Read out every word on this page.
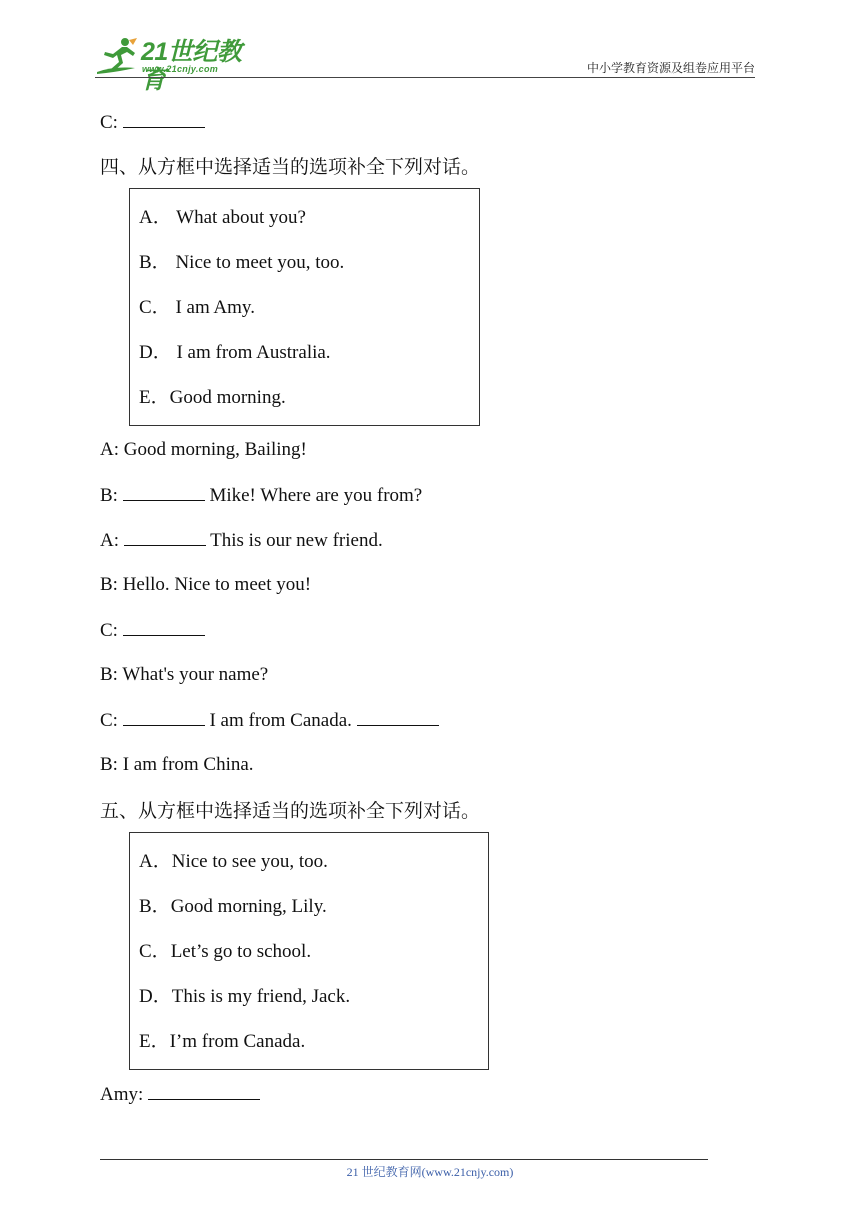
21世纪教育
www.21cnjy.com	中小学教育资源及组卷应用平台
C:
四、从方框中选择适当的选项补全下列对话。
A． What about you?
B． Nice to meet you, too.
C． I am Amy.
D． I am from Australia.
E．Good morning.
A: Good morning, Bailing!
B:	Mike! Where are you from?
A:	This is our new friend.
B: Hello. Nice to meet you!
C:
B: What's your name?
C:	I am from Canada.
B: I am from China.
五、从方框中选择适当的选项补全下列对话。
A．Nice to see you, too.
B．Good morning, Lily.
C．Let’s go to school.
D．This is my friend, Jack.
E．I’m from Canada.
Amy:
21 世纪教育网(www.21cnjy.com)
